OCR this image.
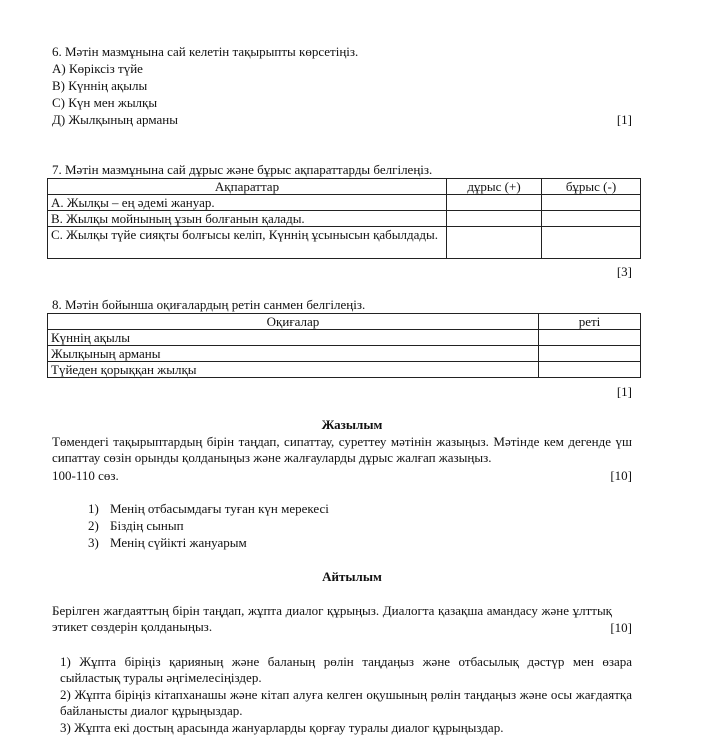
6. Мәтін мазмұнына сай келетін тақырыпты көрсетіңіз.
А) Көріксіз түйе
В) Күннің ақылы
С) Күн мен жылқы
Д) Жылқының арманы	[1]
7. Мәтін мазмұнына сай дұрыс және бұрыс ақпараттарды белгілеңіз.
Ақпараттар	дұрыс (+)	бұрыс (-)
А. Жылқы – ең әдемі жануар.		
В. Жылқы мойнының ұзын болғанын қалады.		
С. Жылқы түйе сияқты болғысы келіп, Күннің ұсынысын қабылдады.		
[3]
8. Мәтін бойынша оқиғалардың ретін санмен белгілеңіз.
Оқиғалар	реті
Күннің ақылы	
Жылқының арманы	
Түйеден қорыққан жылқы	
[1]
Жазылым
Төмендегі тақырыптардың бірін таңдап, сипаттау, суреттеу мәтінін жазыңыз. Мәтінде кем дегенде үш сипаттау сөзін орынды қолданыңыз және жалғауларды дұрыс жалғап жазыңыз.
100-110 сөз.	[10]
1) Менің отбасымдағы туған күн мерекесі
2) Біздің сынып
3) Менің сүйікті жануарым
Айтылым
Берілген жағдаяттың бірін таңдап, жұпта диалог құрыңыз. Диалогта қазақша амандасу және ұлттық этикет сөздерін қолданыңыз.	[10]
1) Жұпта біріңіз қарияның және баланың рөлін таңдаңыз және отбасылық дәстүр мен өзара сыйластық туралы әңгімелесіңіздер.
2) Жұпта біріңіз кітапханашы және кітап алуға келген оқушының рөлін таңдаңыз және осы жағдаятқа байланысты диалог құрыңыздар.
3) Жұпта екі достың арасында жануарларды қорғау туралы диалог құрыңыздар.
